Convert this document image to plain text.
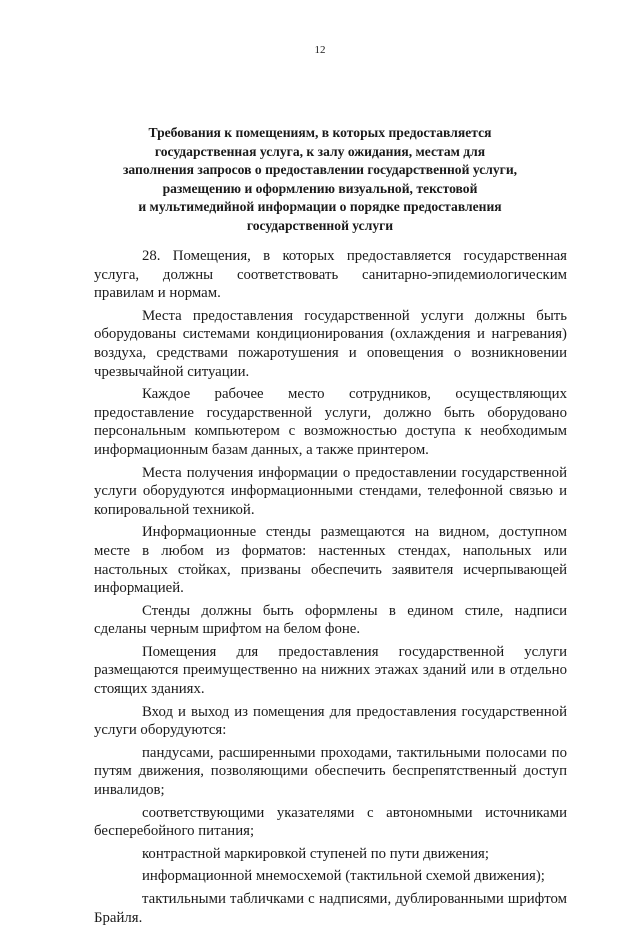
12
Требования к помещениям, в которых предоставляется
государственная услуга, к залу ожидания, местам для
заполнения запросов о предоставлении государственной услуги,
размещению и оформлению визуальной, текстовой
и мультимедийной информации о порядке предоставления
государственной услуги

28. Помещения, в которых предоставляется государственная услуга, должны соответствовать санитарно-эпидемиологическим правилам и нормам.

Места предоставления государственной услуги должны быть оборудованы системами кондиционирования (охлаждения и нагревания) воздуха, средствами пожаротушения и оповещения о возникновении чрезвычайной ситуации.

Каждое рабочее место сотрудников, осуществляющих предоставление государственной услуги, должно быть оборудовано персональным компьютером с возможностью доступа к необходимым информационным базам данных, а также принтером.

Места получения информации о предоставлении государственной услуги оборудуются информационными стендами, телефонной связью и копировальной техникой.

Информационные стенды размещаются на видном, доступном месте в любом из форматов: настенных стендах, напольных или настольных стойках, призваны обеспечить заявителя исчерпывающей информацией.

Стенды должны быть оформлены в едином стиле, надписи сделаны черным шрифтом на белом фоне.

Помещения для предоставления государственной услуги размещаются преимущественно на нижних этажах зданий или в отдельно стоящих зданиях.

Вход и выход из помещения для предоставления государственной услуги оборудуются:

пандусами, расширенными проходами, тактильными полосами по путям движения, позволяющими обеспечить беспрепятственный доступ инвалидов;

соответствующими указателями с автономными источниками бесперебойного питания;

контрастной маркировкой ступеней по пути движения;

информационной мнемосхемой (тактильной схемой движения);

тактильными табличками с надписями, дублированными шрифтом Брайля.
